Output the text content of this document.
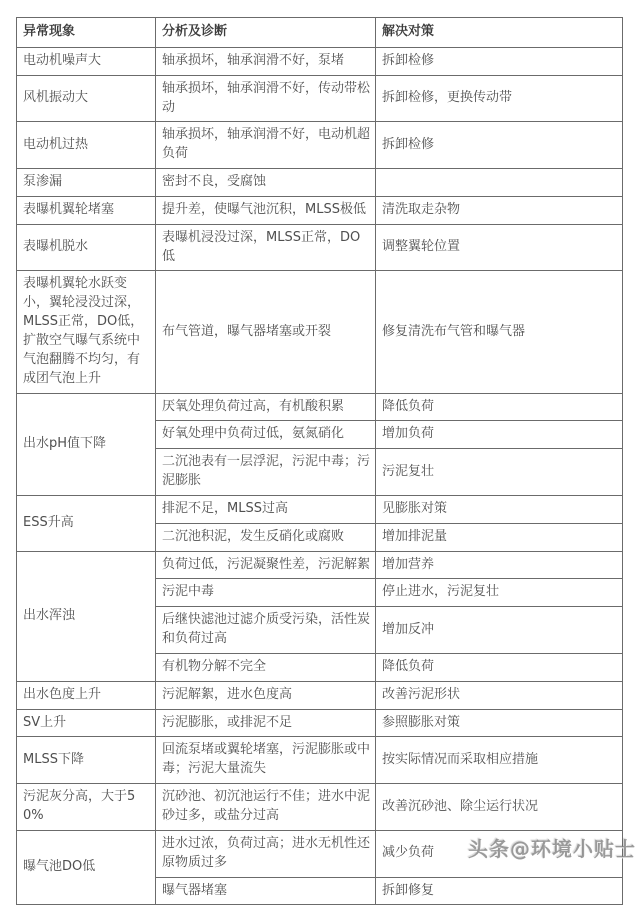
异常现象	分析及诊断	解决对策
电动机噪声大	轴承损坏，轴承润滑不好，泵堵	拆卸检修
风机振动大	轴承损坏，轴承润滑不好，传动带松动	拆卸检修，更换传动带
电动机过热	轴承损坏，轴承润滑不好，电动机超负荷	拆卸检修
泵渗漏	密封不良，受腐蚀	
表曝机翼轮堵塞	提升差，使曝气池沉积，MLSS极低	清洗取走杂物
表曝机脱水	表曝机浸没过深，MLSS正常，DO低	调整翼轮位置
表曝机翼轮水跃变小，翼轮浸没过深，MLSS正常，DO低，扩散空气曝气系统中气泡翻腾不均匀，有成团气泡上升	布气管道，曝气器堵塞或开裂	修复清洗布气管和曝气器
出水pH值下降	厌氧处理负荷过高，有机酸积累	降低负荷
	好氧处理中负荷过低，氨氮硝化	增加负荷
	二沉池表有一层浮泥，污泥中毒；污泥膨胀	污泥复壮
ESS升高	排泥不足，MLSS过高	见膨胀对策
	二沉池积泥，发生反硝化或腐败	增加排泥量
出水浑浊	负荷过低，污泥凝聚性差，污泥解絮	增加营养
	污泥中毒	停止进水，污泥复壮
	后继快滤池过滤介质受污染，活性炭和负荷过高	增加反冲
	有机物分解不完全	降低负荷
出水色度上升	污泥解絮，进水色度高	改善污泥形状
SV上升	污泥膨胀，或排泥不足	参照膨胀对策
MLSS下降	回流泵堵或翼轮堵塞，污泥膨胀或中毒；污泥大量流失	按实际情况而采取相应措施
污泥灰分高，大于50%	沉砂池、初沉池运行不佳；进水中泥砂过多，或盐分过高	改善沉砂池、除尘运行状况
曝气池DO低	进水过浓，负荷过高；进水无机性还原物质过多	减少负荷
	曝气器堵塞	拆卸修复
头条@环境小贴士
